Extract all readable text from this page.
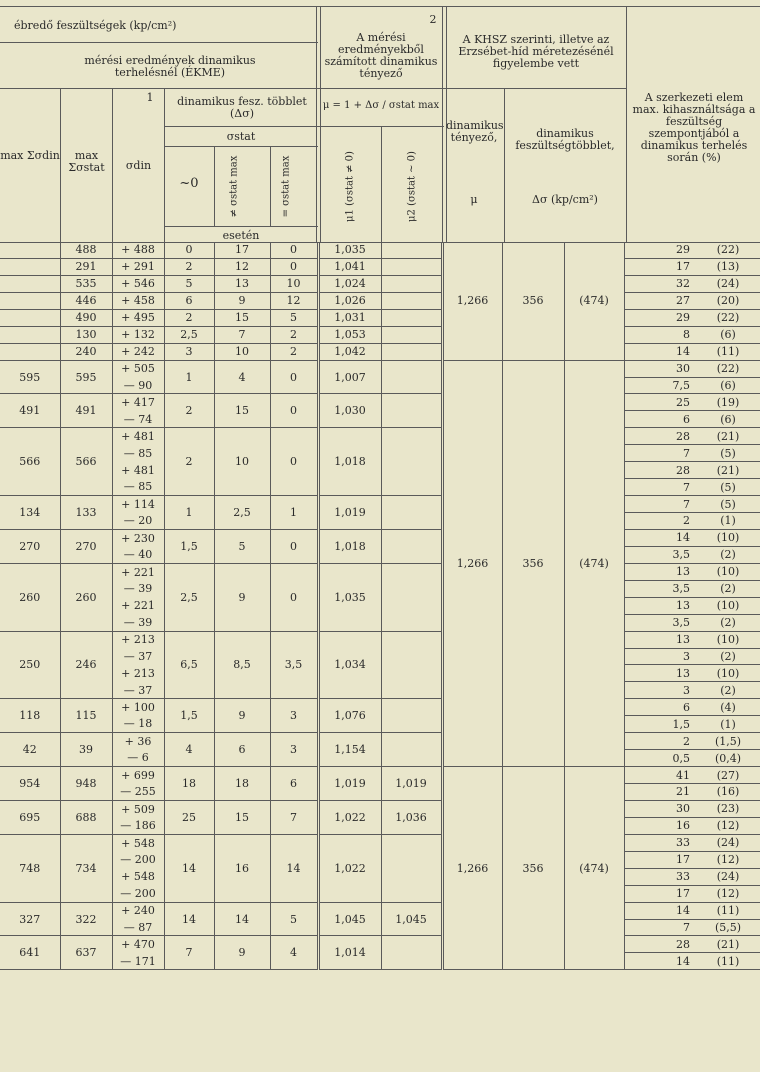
ébredő feszültségek (kp/cm²)
mérési eredmények dinamikus terhelésnél (ÉKME)
max Σσdin	max Σσstat
1
σdin
dinamikus fesz. többlet (Δσ)
σstat
~0	≠ σstat max	= σstat max
esetén
2
A mérési eredményekből számított dinamikus tényező
μ = 1 + Δσ / σstat max
μ1 (σstat ≠ 0)	μ2 (σstat ~ 0)
A KHSZ szerinti, illetve az Erzsébet-híd méretezésénél figyelembe vett
dinamikus tényező,
μ
dinamikus feszültségtöbblet,
Δσ (kp/cm²)
A szerkezeti elem max. kihasználtsága a feszültség szempontjából a dinamikus terhelés során (%)
	488	+ 488	0	17	0	1,035		1,266	356	(474)	29	(22)
	291	+ 291	2	12	0	1,041					17	(13)
	535	+ 546	5	13	10	1,024					32	(24)
	446	+ 458	6	9	12	1,026					27	(20)
	490	+ 495	2	15	5	1,031					29	(22)
	130	+ 132	2,5	7	2	1,053					8	(6)
	240	+ 242	3	10	2	1,042					14	(11)
595	595	+ 505	1	4	0	1,007		1,266	356	(474)	30	(22)
		— 90									7,5	(6)
491	491	+ 417	2	15	0	1,030					25	(19)
		— 74									6	(6)
566	566	+ 481	2	10	0	1,018					28	(21)
		— 85									7	(5)
		+ 481									28	(21)
		— 85									7	(5)
134	133	+ 114	1	2,5	1	1,019					7	(5)
		— 20									2	(1)
270	270	+ 230	1,5	5	0	1,018					14	(10)
		— 40									3,5	(2)
260	260	+ 221	2,5	9	0	1,035					13	(10)
		— 39									3,5	(2)
		+ 221									13	(10)
		— 39									3,5	(2)
250	246	+ 213	6,5	8,5	3,5	1,034					13	(10)
		— 37									3	(2)
		+ 213									13	(10)
		— 37									3	(2)
118	115	+ 100	1,5	9	3	1,076					6	(4)
		— 18									1,5	(1)
42	39	+ 36	4	6	3	1,154					2	(1,5)
		— 6									0,5	(0,4)
954	948	+ 699	18	18	6	1,019	1,019	1,266	356	(474)	41	(27)
		— 255									21	(16)
695	688	+ 509	25	15	7	1,022	1,036				30	(23)
		— 186									16	(12)
748	734	+ 548	14	16	14	1,022					33	(24)
		— 200									17	(12)
		+ 548									33	(24)
		— 200									17	(12)
327	322	+ 240	14	14	5	1,045	1,045				14	(11)
		— 87									7	(5,5)
641	637	+ 470	7	9	4	1,014					28	(21)
		— 171									14	(11)
